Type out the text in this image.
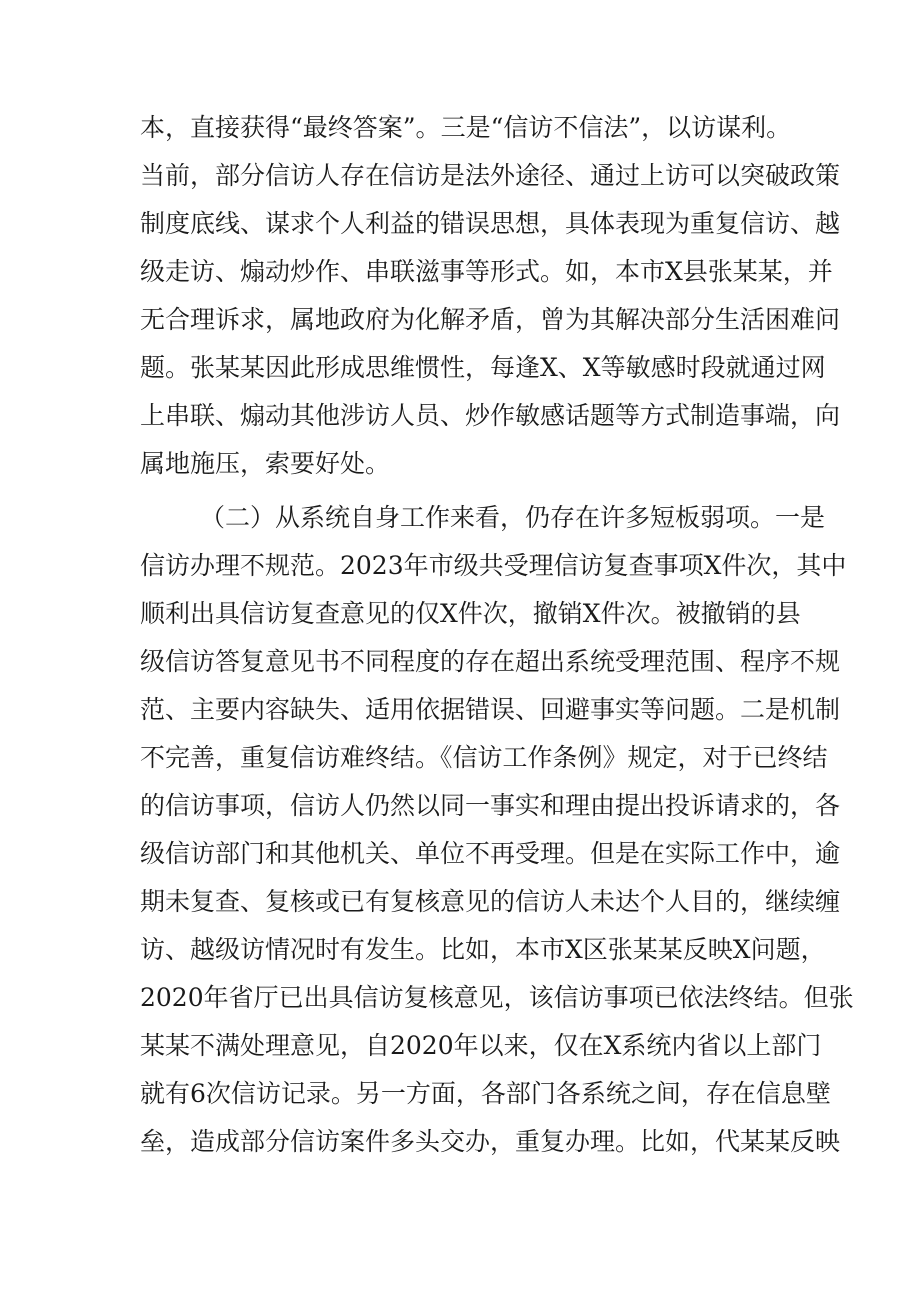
本，直接获得“最终答案”。三是“信访不信法”，以访谋利。
当前，部分信访人存在信访是法外途径、通过上访可以突破政策
制度底线、谋求个人利益的错误思想，具体表现为重复信访、越
级走访、煽动炒作、串联滋事等形式。如，本市X县张某某，并
无合理诉求，属地政府为化解矛盾，曾为其解决部分生活困难问
题。张某某因此形成思维惯性，每逢X、X等敏感时段就通过网
上串联、煽动其他涉访人员、炒作敏感话题等方式制造事端，向
属地施压，索要好处。
（二）从系统自身工作来看，仍存在许多短板弱项。一是
信访办理不规范。2023年市级共受理信访复查事项X件次，其中
顺利出具信访复查意见的仅X件次，撤销X件次。被撤销的县
级信访答复意见书不同程度的存在超出系统受理范围、程序不规
范、主要内容缺失、适用依据错误、回避事实等问题。二是机制
不完善，重复信访难终结。《信访工作条例》规定，对于已终结
的信访事项，信访人仍然以同一事实和理由提出投诉请求的，各
级信访部门和其他机关、单位不再受理。但是在实际工作中，逾
期未复查、复核或已有复核意见的信访人未达个人目的，继续缠
访、越级访情况时有发生。比如，本市X区张某某反映X问题，
2020年省厅已出具信访复核意见，该信访事项已依法终结。但张
某某不满处理意见，自2020年以来，仅在X系统内省以上部门
就有6次信访记录。另一方面，各部门各系统之间，存在信息壁
垒，造成部分信访案件多头交办，重复办理。比如，代某某反映
